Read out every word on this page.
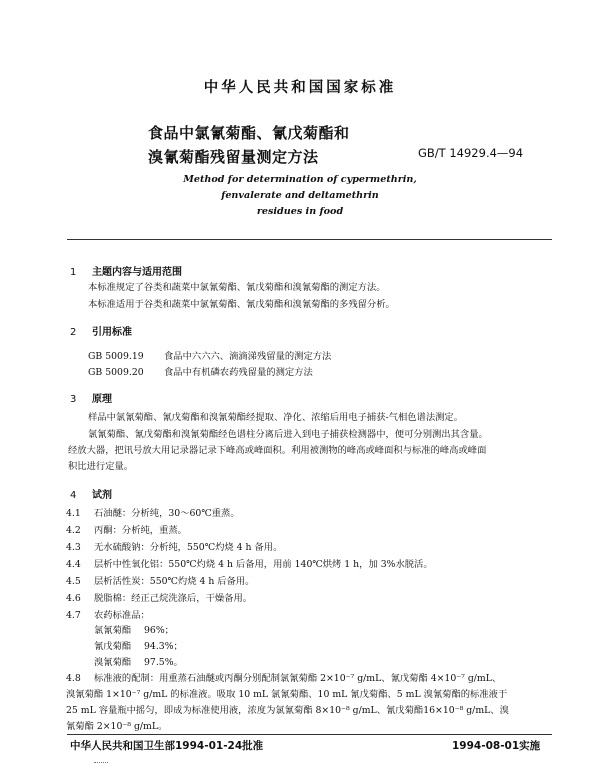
中华人民共和国国家标准
食品中氯氰菊酯、氰戊菊酯和
溴氰菊酯残留量测定方法	GB/T 14929.4—94
Method for determination of cypermethrin,
fenvalerate and deltamethrin
residues in food
1 主题内容与适用范围
本标准规定了谷类和蔬菜中氯氰菊酯、氰戊菊酯和溴氰菊酯的测定方法。
本标准适用于谷类和蔬菜中氯氰菊酯、氰戊菊酯和溴氰菊酯的多残留分析。
2 引用标准
GB 5009.19 食品中六六六、滴滴涕残留量的测定方法
GB 5009.20 食品中有机磷农药残留量的测定方法
3 原理
样品中氯氰菊酯、氰戊菊酯和溴氰菊酯经提取、净化、浓缩后用电子捕获-气相色谱法测定。
氯氰菊酯、氰戊菊酯和溴氰菊酯经色谱柱分离后进入到电子捕获检测器中，便可分别测出其含量。
经放大器，把讯号放大用记录器记录下峰高或峰面积。利用被测物的峰高或峰面积与标准的峰高或峰面
积比进行定量。
4 试剂
4.1 石油醚：分析纯，30～60℃重蒸。
4.2 丙酮：分析纯，重蒸。
4.3 无水硫酸钠：分析纯，550℃灼烧 4 h 备用。
4.4 层析中性氧化铝：550℃灼烧 4 h 后备用，用前 140℃烘烤 1 h，加 3%水脱活。
4.5 层析活性炭：550℃灼烧 4 h 后备用。
4.6 脱脂棉：经正己烷洗涤后，干燥备用。
4.7 农药标准品：
氯氰菊酯 96%；
氰戊菊酯 94.3%；
溴氰菊酯 97.5%。
4.8 标准液的配制：用重蒸石油醚或丙酮分别配制氯氰菊酯 2×10⁻⁷ g/mL、氰戊菊酯 4×10⁻⁷ g/mL、
溴氰菊酯 1×10⁻⁷ g/mL 的标准液。吸取 10 mL 氯氰菊酯、10 mL 氰戊菊酯、5 mL 溴氰菊酯的标准液于
25 mL 容量瓶中摇匀，即成为标准使用液，浓度为氯氰菊酯 8×10⁻⁸ g/mL、氰戊菊酯16×10⁻⁸ g/mL、溴
氰菊酯 2×10⁻⁸ g/mL。
中华人民共和国卫生部1994-01-24批准	1994-08-01实施
